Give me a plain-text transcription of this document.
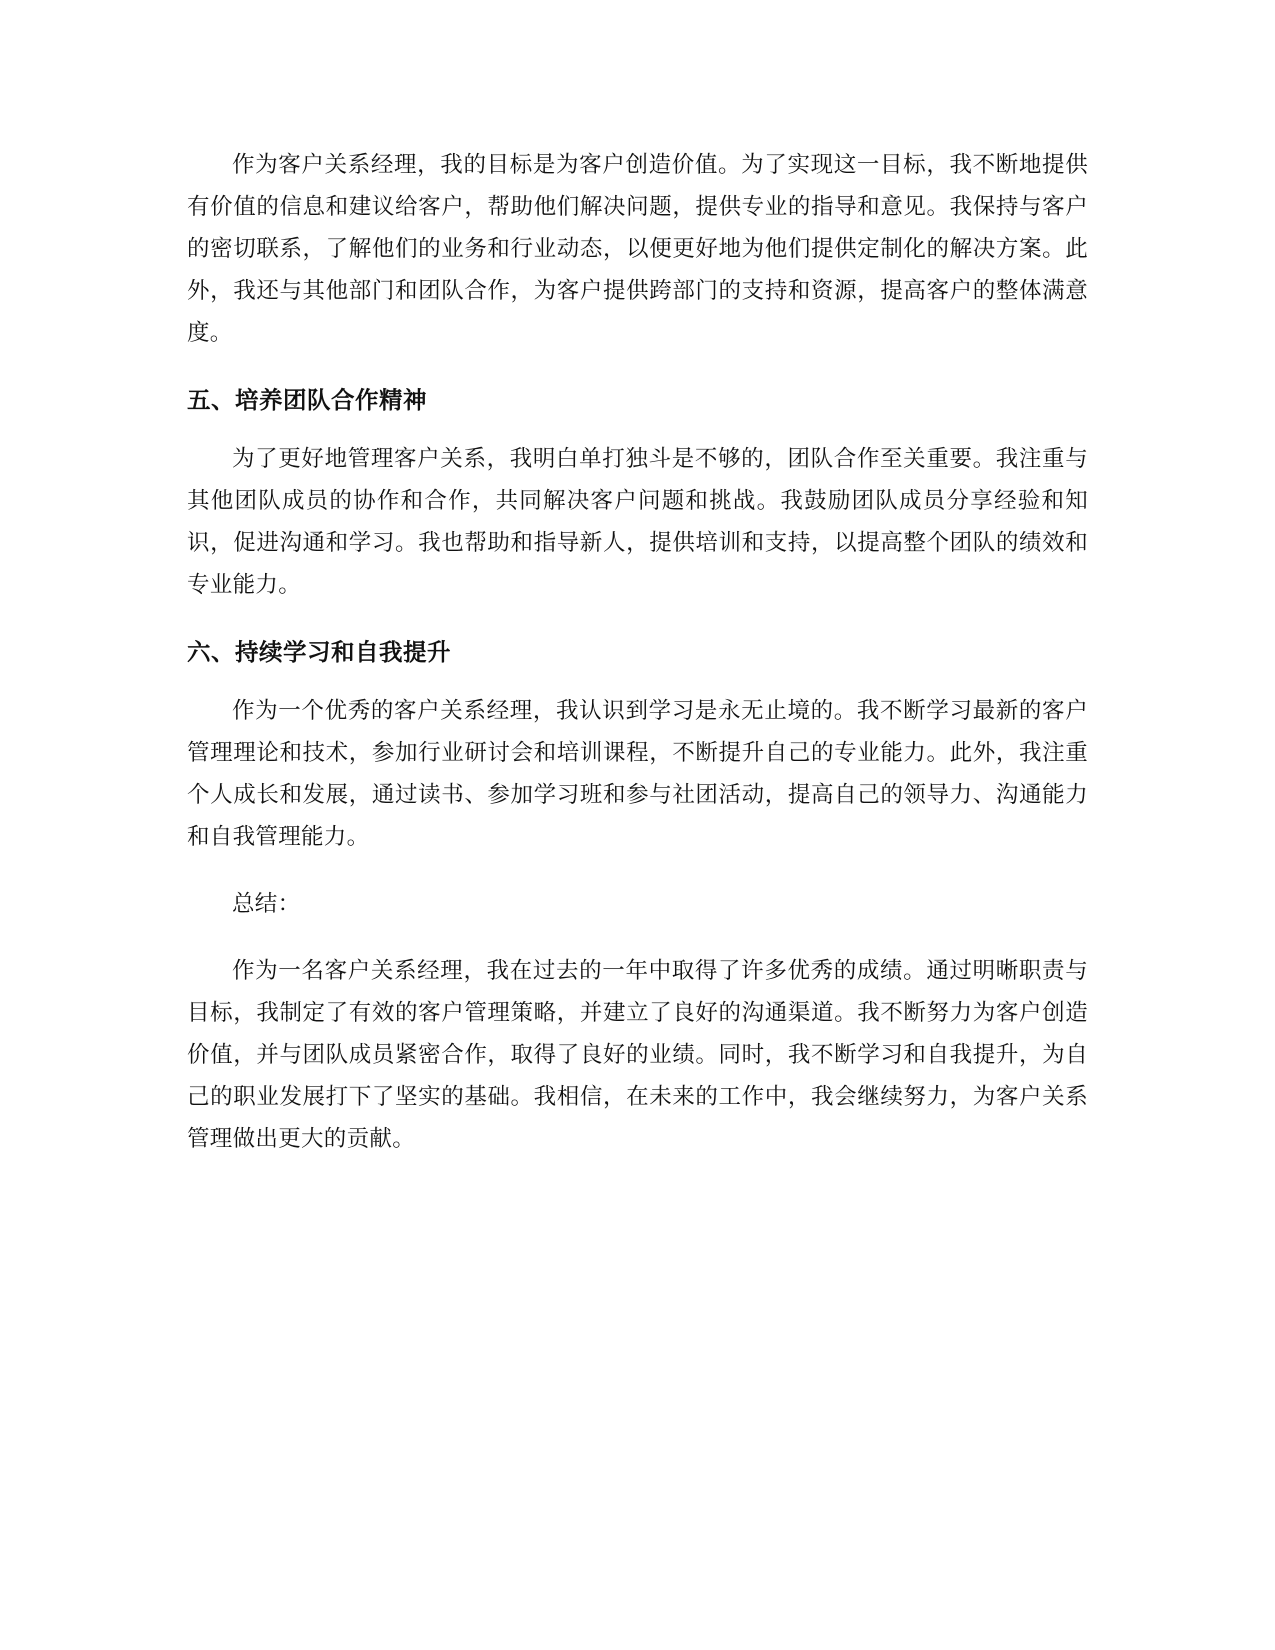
作为客户关系经理，我的目标是为客户创造价值。为了实现这一目标，我不断地提供有价值的信息和建议给客户，帮助他们解决问题，提供专业的指导和意见。我保持与客户的密切联系，了解他们的业务和行业动态，以便更好地为他们提供定制化的解决方案。此外，我还与其他部门和团队合作，为客户提供跨部门的支持和资源，提高客户的整体满意度。

五、培养团队合作精神

为了更好地管理客户关系，我明白单打独斗是不够的，团队合作至关重要。我注重与其他团队成员的协作和合作，共同解决客户问题和挑战。我鼓励团队成员分享经验和知识，促进沟通和学习。我也帮助和指导新人，提供培训和支持，以提高整个团队的绩效和专业能力。

六、持续学习和自我提升

作为一个优秀的客户关系经理，我认识到学习是永无止境的。我不断学习最新的客户管理理论和技术，参加行业研讨会和培训课程，不断提升自己的专业能力。此外，我注重个人成长和发展，通过读书、参加学习班和参与社团活动，提高自己的领导力、沟通能力和自我管理能力。

总结：

作为一名客户关系经理，我在过去的一年中取得了许多优秀的成绩。通过明晰职责与目标，我制定了有效的客户管理策略，并建立了良好的沟通渠道。我不断努力为客户创造价值，并与团队成员紧密合作，取得了良好的业绩。同时，我不断学习和自我提升，为自己的职业发展打下了坚实的基础。我相信，在未来的工作中，我会继续努力，为客户关系管理做出更大的贡献。
